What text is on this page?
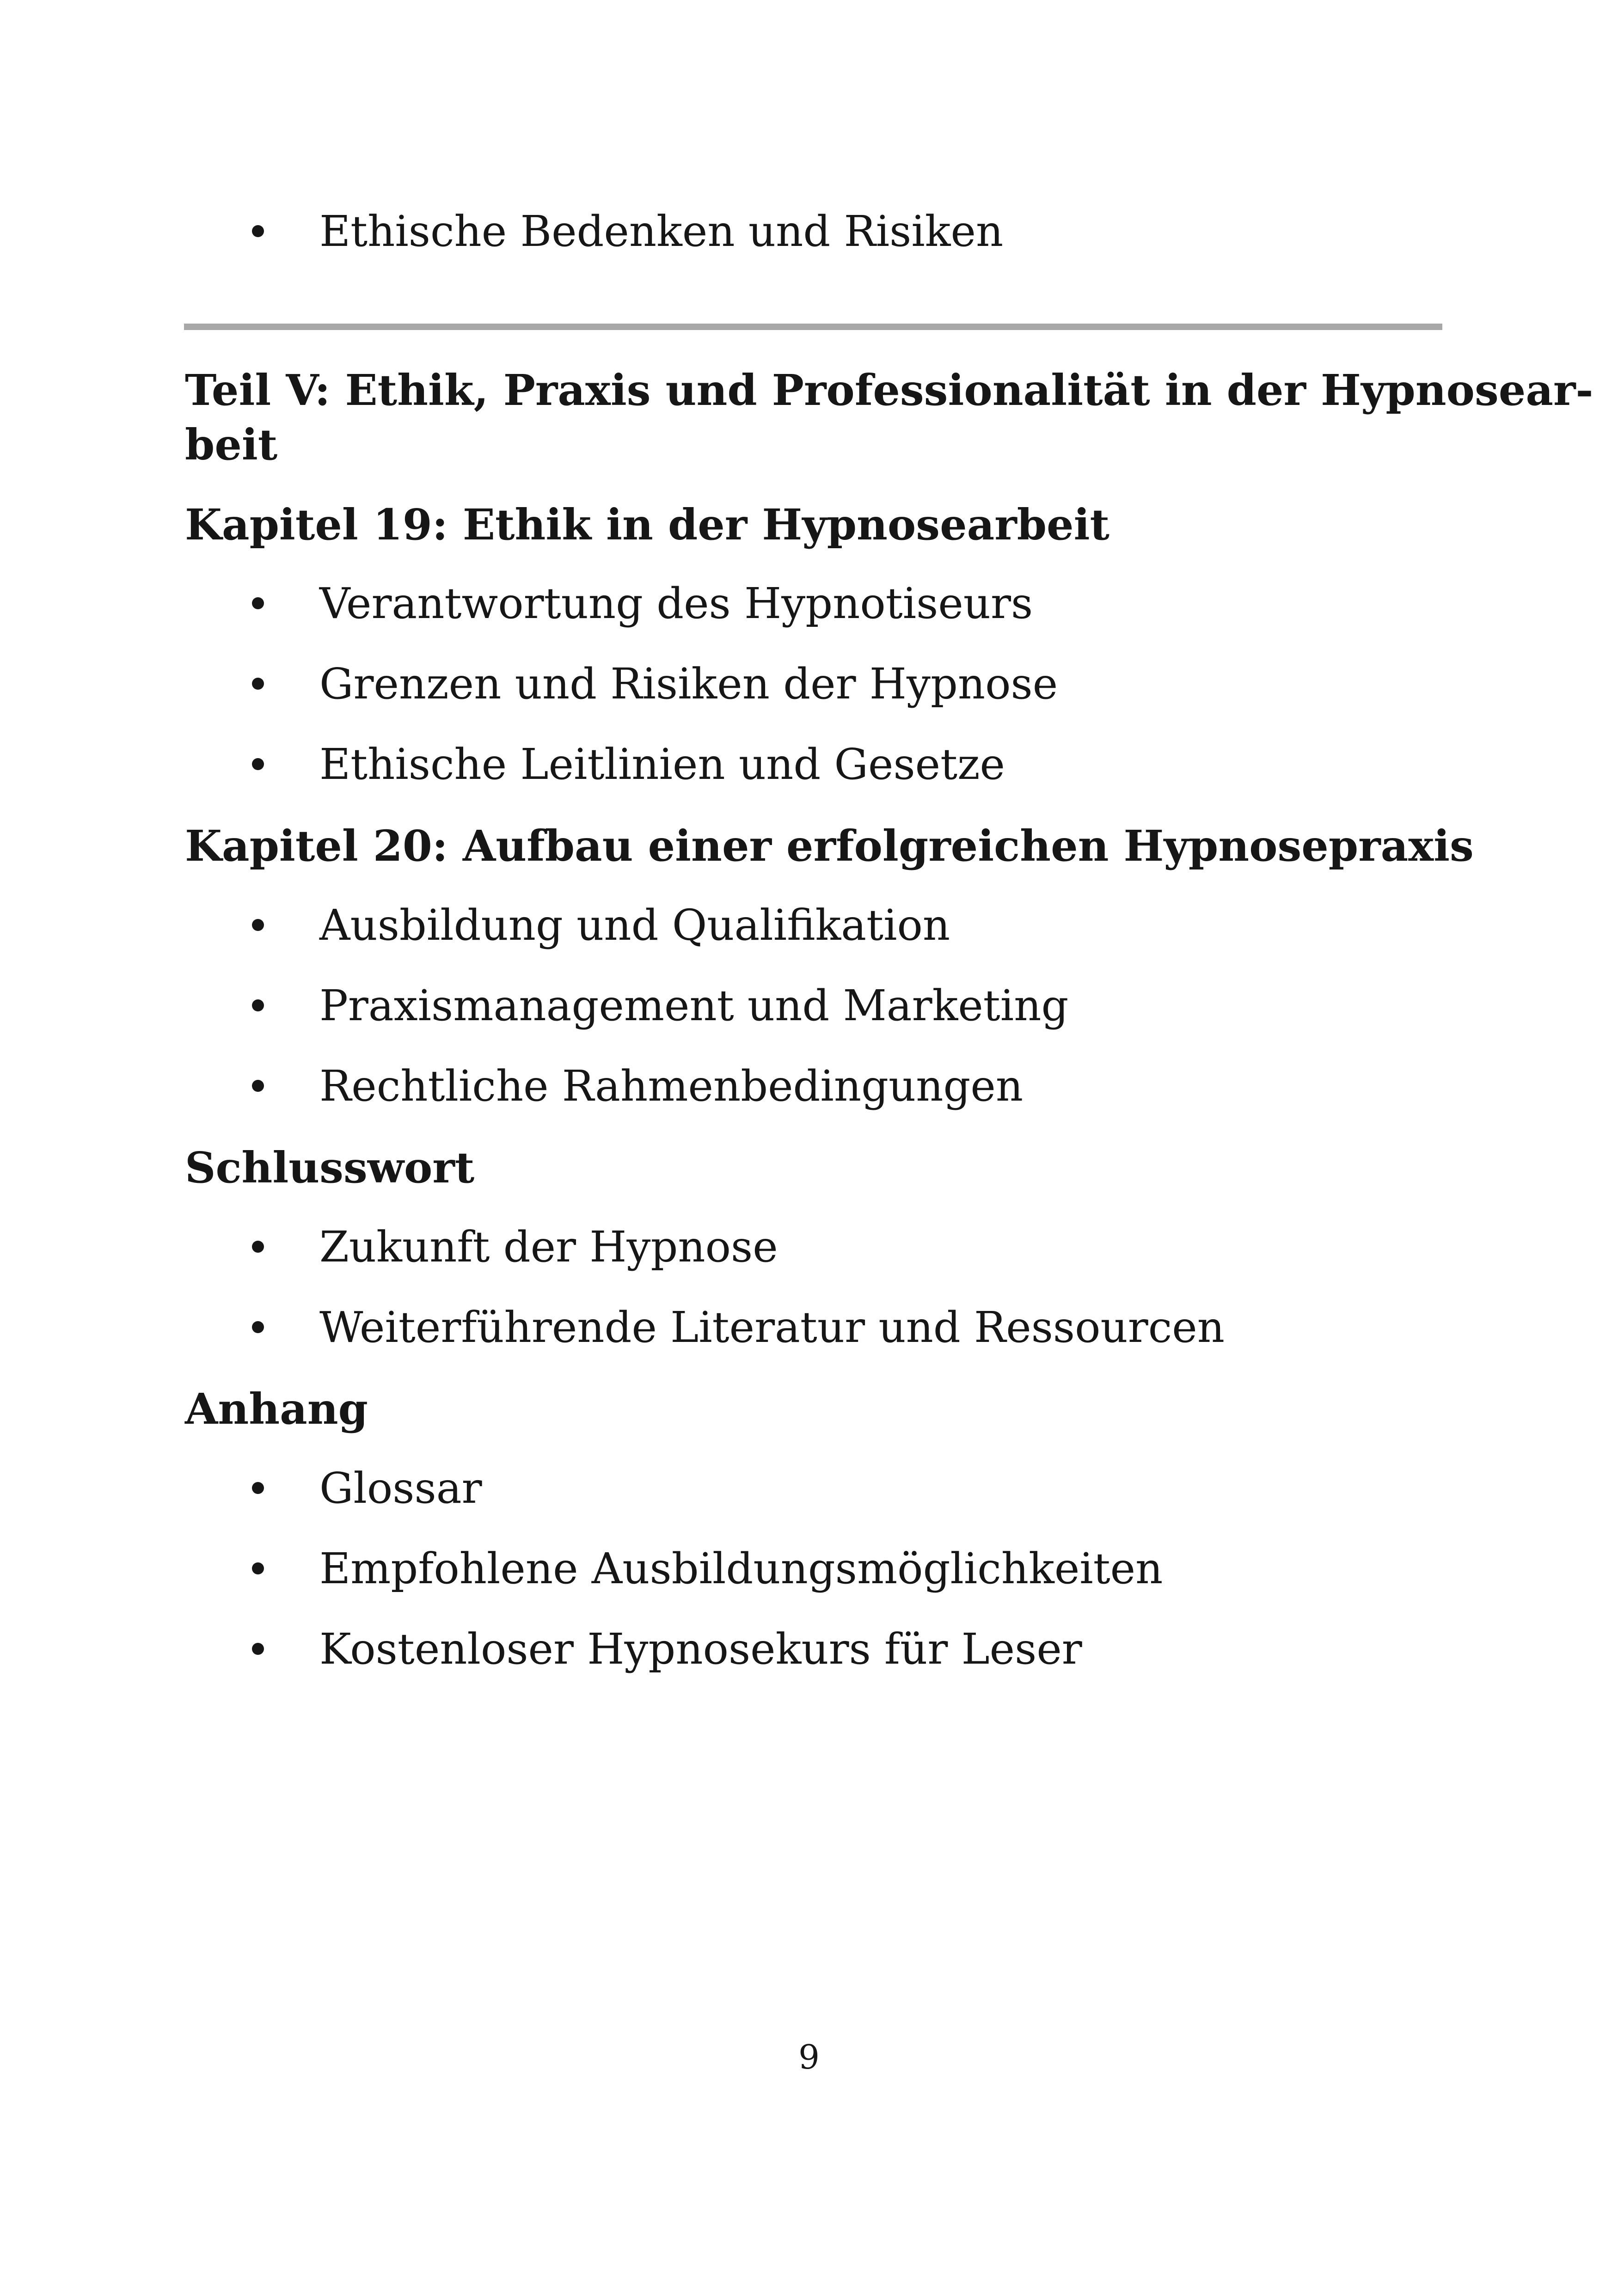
Ethische Bedenken und Risiken
Teil V: Ethik, Praxis und Professionalität in der Hypnosear-
beit
Kapitel 19: Ethik in der Hypnosearbeit
Verantwortung des Hypnotiseurs
Grenzen und Risiken der Hypnose
Ethische Leitlinien und Gesetze
Kapitel 20: Aufbau einer erfolgreichen Hypnosepraxis
Ausbildung und Qualifikation
Praxismanagement und Marketing
Rechtliche Rahmenbedingungen
Schlusswort
Zukunft der Hypnose
Weiterführende Literatur und Ressourcen
Anhang
Glossar
Empfohlene Ausbildungsmöglichkeiten
Kostenloser Hypnosekurs für Leser
9
